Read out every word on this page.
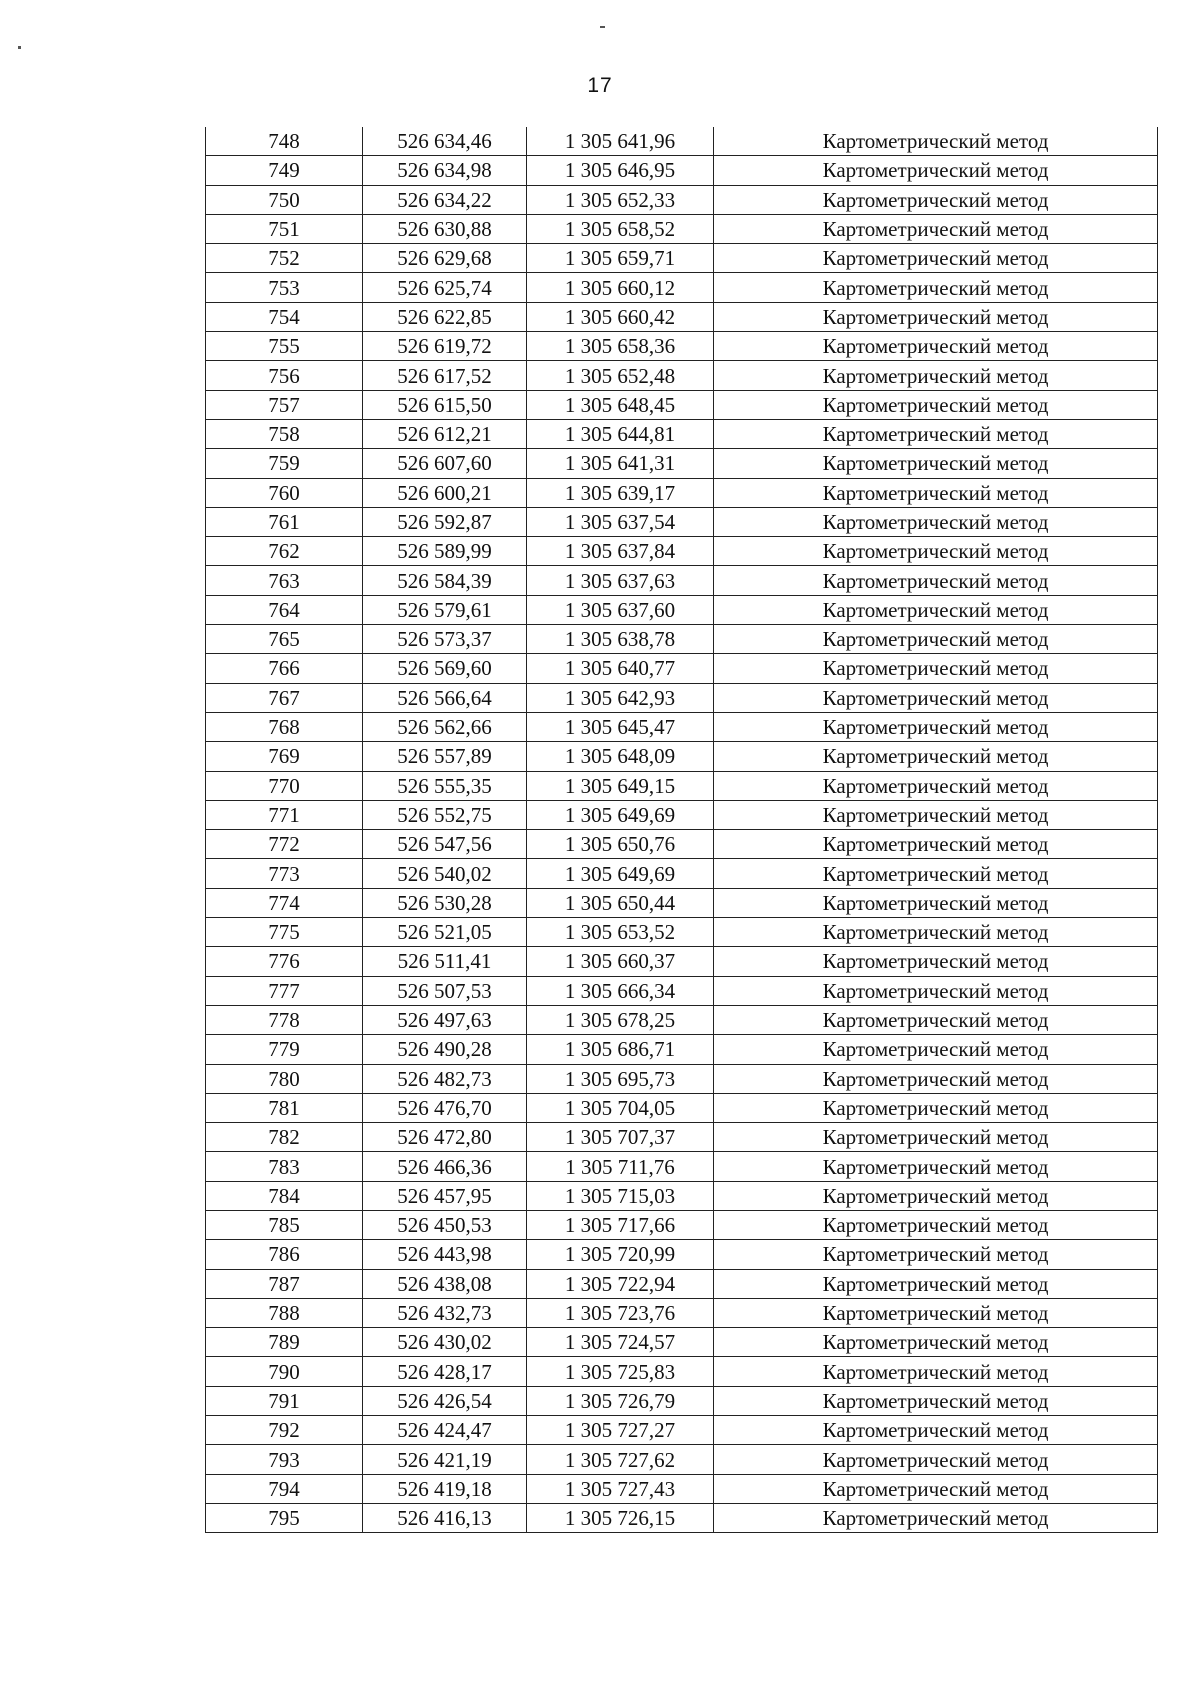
17
748	526 634,46	1 305 641,96	Картометрический метод
749	526 634,98	1 305 646,95	Картометрический метод
750	526 634,22	1 305 652,33	Картометрический метод
751	526 630,88	1 305 658,52	Картометрический метод
752	526 629,68	1 305 659,71	Картометрический метод
753	526 625,74	1 305 660,12	Картометрический метод
754	526 622,85	1 305 660,42	Картометрический метод
755	526 619,72	1 305 658,36	Картометрический метод
756	526 617,52	1 305 652,48	Картометрический метод
757	526 615,50	1 305 648,45	Картометрический метод
758	526 612,21	1 305 644,81	Картометрический метод
759	526 607,60	1 305 641,31	Картометрический метод
760	526 600,21	1 305 639,17	Картометрический метод
761	526 592,87	1 305 637,54	Картометрический метод
762	526 589,99	1 305 637,84	Картометрический метод
763	526 584,39	1 305 637,63	Картометрический метод
764	526 579,61	1 305 637,60	Картометрический метод
765	526 573,37	1 305 638,78	Картометрический метод
766	526 569,60	1 305 640,77	Картометрический метод
767	526 566,64	1 305 642,93	Картометрический метод
768	526 562,66	1 305 645,47	Картометрический метод
769	526 557,89	1 305 648,09	Картометрический метод
770	526 555,35	1 305 649,15	Картометрический метод
771	526 552,75	1 305 649,69	Картометрический метод
772	526 547,56	1 305 650,76	Картометрический метод
773	526 540,02	1 305 649,69	Картометрический метод
774	526 530,28	1 305 650,44	Картометрический метод
775	526 521,05	1 305 653,52	Картометрический метод
776	526 511,41	1 305 660,37	Картометрический метод
777	526 507,53	1 305 666,34	Картометрический метод
778	526 497,63	1 305 678,25	Картометрический метод
779	526 490,28	1 305 686,71	Картометрический метод
780	526 482,73	1 305 695,73	Картометрический метод
781	526 476,70	1 305 704,05	Картометрический метод
782	526 472,80	1 305 707,37	Картометрический метод
783	526 466,36	1 305 711,76	Картометрический метод
784	526 457,95	1 305 715,03	Картометрический метод
785	526 450,53	1 305 717,66	Картометрический метод
786	526 443,98	1 305 720,99	Картометрический метод
787	526 438,08	1 305 722,94	Картометрический метод
788	526 432,73	1 305 723,76	Картометрический метод
789	526 430,02	1 305 724,57	Картометрический метод
790	526 428,17	1 305 725,83	Картометрический метод
791	526 426,54	1 305 726,79	Картометрический метод
792	526 424,47	1 305 727,27	Картометрический метод
793	526 421,19	1 305 727,62	Картометрический метод
794	526 419,18	1 305 727,43	Картометрический метод
795	526 416,13	1 305 726,15	Картометрический метод
